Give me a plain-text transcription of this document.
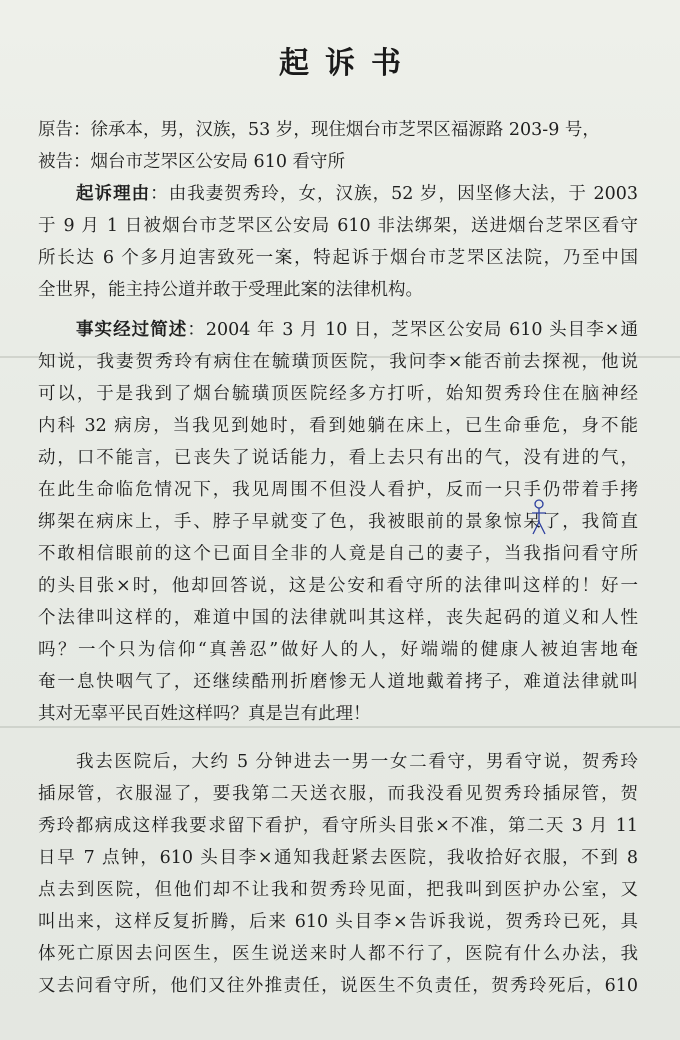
起诉书
原告：徐承本，男，汉族，53 岁，现住烟台市芝罘区福源路 203-9 号，
被告：烟台市芝罘区公安局 610 看守所
起诉理由：由我妻贺秀玲，女，汉族，52 岁，因坚修大法，于 2003
于 9 月 1 日被烟台市芝罘区公安局 610 非法绑架，送进烟台芝罘区看守
所长达 6 个多月迫害致死一案，特起诉于烟台市芝罘区法院，乃至中国
全世界，能主持公道并敢于受理此案的法律机构。
事实经过简述：2004 年 3 月 10 日，芝罘区公安局 610 头目李×通
知说，我妻贺秀玲有病住在毓璜顶医院，我问李×能否前去探视，他说
可以，于是我到了烟台毓璜顶医院经多方打听，始知贺秀玲住在脑神经
内科 32 病房，当我见到她时，看到她躺在床上，已生命垂危，身不能
动，口不能言，已丧失了说话能力，看上去只有出的气，没有进的气，
在此生命临危情况下，我见周围不但没人看护，反而一只手仍带着手拷
绑架在病床上，手、脖子早就变了色，我被眼前的景象惊呆了，我简直
不敢相信眼前的这个已面目全非的人竟是自己的妻子，当我指问看守所
的头目张×时，他却回答说，这是公安和看守所的法律叫这样的！好一
个法律叫这样的，难道中国的法律就叫其这样，丧失起码的道义和人性
吗？一个只为信仰“真善忍”做好人的人，好端端的健康人被迫害地奄
奄一息快咽气了，还继续酷刑折磨惨无人道地戴着拷子，难道法律就叫
其对无辜平民百姓这样吗？真是岂有此理！
我去医院后，大约 5 分钟进去一男一女二看守，男看守说，贺秀玲
插尿管，衣服湿了，要我第二天送衣服，而我没看见贺秀玲插尿管，贺
秀玲都病成这样我要求留下看护，看守所头目张×不准，第二天 3 月 11
日早 7 点钟，610 头目李×通知我赶紧去医院，我收拾好衣服，不到 8
点去到医院，但他们却不让我和贺秀玲见面，把我叫到医护办公室，又
叫出来，这样反复折腾，后来 610 头目李×告诉我说，贺秀玲已死，具
体死亡原因去问医生，医生说送来时人都不行了，医院有什么办法，我
又去问看守所，他们又往外推责任，说医生不负责任，贺秀玲死后，610
